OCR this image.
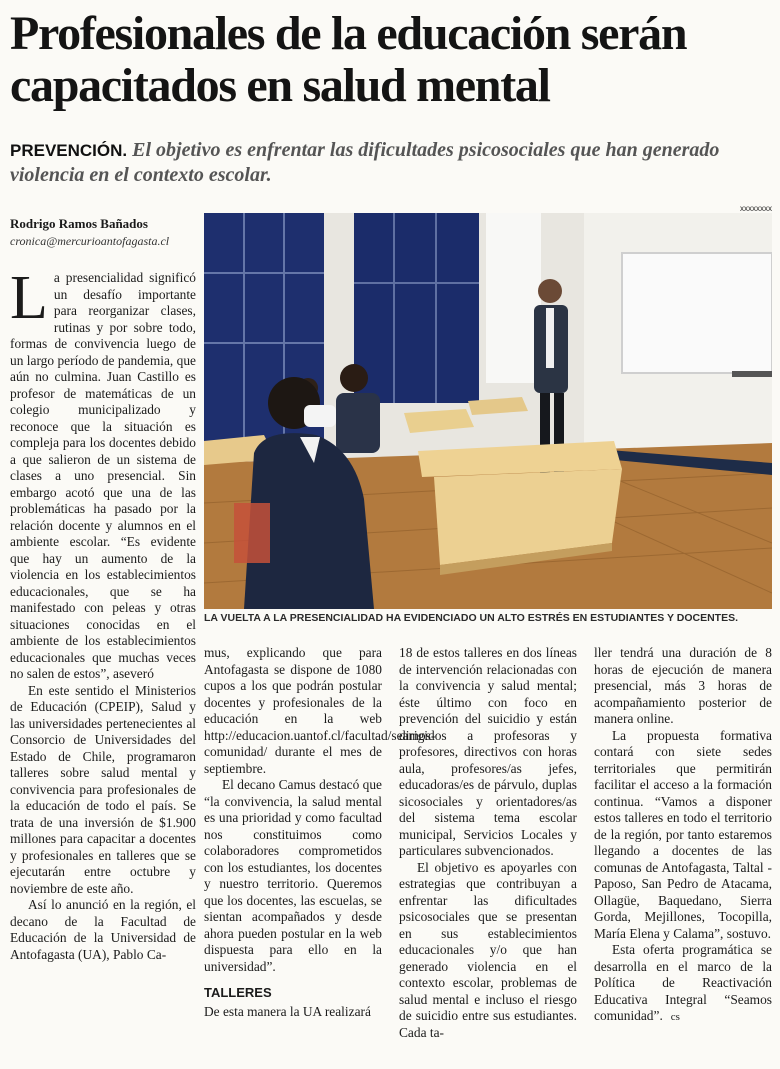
Profesionales de la educación serán capacitados en salud mental
PREVENCIÓN. El objetivo es enfrentar las dificultades psicosociales que han generado violencia en el contexto escolar.
Rodrigo Ramos Bañados
cronica@mercurioantofagasta.cl
xxxxxxxx
LA VUELTA A LA PRESENCIALIDAD HA EVIDENCIADO UN ALTO ESTRÉS EN ESTUDIANTES Y DOCENTES.

La presencialidad significó un desafío importante para reorganizar clases, rutinas y por sobre todo, formas de convivencia luego de un largo período de pandemia, que aún no culmina. Juan Castillo es profesor de matemáticas de un colegio municipalizado y reconoce que la situación es compleja para los docentes debido a que salieron de un sistema de clases a uno presencial. Sin embargo acotó que una de las problemáticas ha pasado por la relación docente y alumnos en el ambiente escolar. “Es evidente que hay un aumento de la violencia en los establecimientos educacionales, que se ha manifestado con peleas y otras situaciones conocidas en el ambiente de los establecimientos educacionales que muchas veces no salen de estos”, aseveró

En este sentido el Ministerios de Educación (CPEIP), Salud y las universidades pertenecientes al Consorcio de Universidades del Estado de Chile, programaron talleres sobre salud mental y convivencia para profesionales de la educación de todo el país. Se trata de una inversión de $1.900 millones para capacitar a docentes y profesionales en talleres que se ejecutarán entre octubre y noviembre de este año.

Así lo anunció en la región, el decano de la Facultad de Educación de la Universidad de Antofagasta (UA), Pablo Ca-

mus, explicando que para Antofagasta se dispone de 1080 cupos a los que podrán postular docentes y profesionales de la educación en la web http://educacion.uantof.cl/facultad/seamos-comunidad/ durante el mes de septiembre.

El decano Camus destacó que “la convivencia, la salud mental es una prioridad y como facultad nos constituimos como colaboradores comprometidos con los estudiantes, los docentes y nuestro territorio. Queremos que los docentes, las escuelas, se sientan acompañados y desde ahora pueden postular en la web dispuesta para ello en la universidad”.

TALLERES

De esta manera la UA realizará

18 de estos talleres en dos líneas de intervención relacionadas con la convivencia y salud mental; éste último con foco en prevención del suicidio y están dirigidos a profesoras y profesores, directivos con horas aula, profesores/as jefes, educadoras/es de párvulo, duplas sicosociales y orientadores/as del sistema tema escolar municipal, Servicios Locales y particulares subvencionados.

El objetivo es apoyarles con estrategias que contribuyan a enfrentar las dificultades psicosociales que se presentan en sus establecimientos educacionales y/o que han generado violencia en el contexto escolar, problemas de salud mental e incluso el riesgo de suicidio entre sus estudiantes. Cada ta-

ller tendrá una duración de 8 horas de ejecución de manera presencial, más 3 horas de acompañamiento posterior de manera online.

La propuesta formativa contará con siete sedes territoriales que permitirán facilitar el acceso a la formación continua. “Vamos a disponer estos talleres en todo el territorio de la región, por tanto estaremos llegando a docentes de las comunas de Antofagasta, Taltal - Paposo, San Pedro de Atacama, Ollagüe, Baquedano, Sierra Gorda, Mejillones, Tocopilla, María Elena y Calama”, sostuvo.

Esta oferta programática se desarrolla en el marco de la Política de Reactivación Educativa Integral “Seamos comunidad”. cs
